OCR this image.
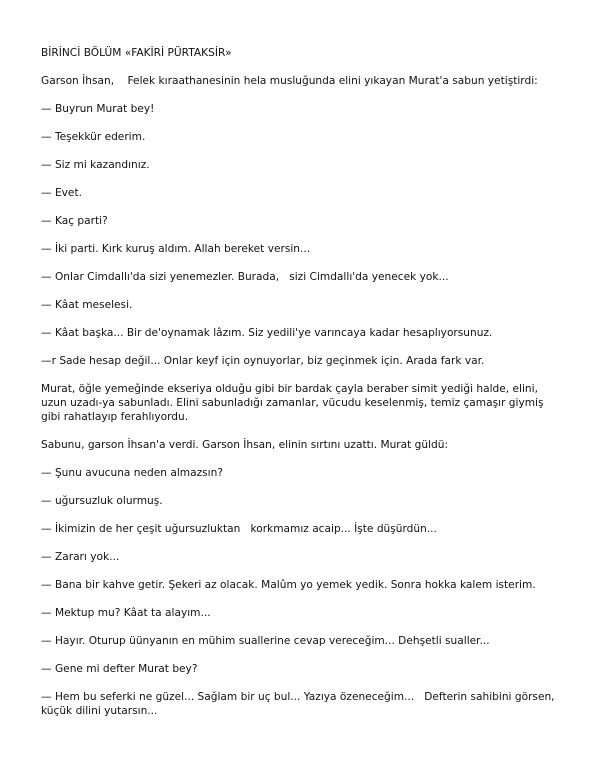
BİRİNCİ BÖLÜM «FAKİRİ PÜRTAKSİR»

Garson İhsan,    Felek kıraathanesinin hela musluğunda elini yıkayan Murat'a sabun yetiştirdi:

— Buyrun Murat bey!

— Teşekkür ederim.

— Siz mi kazandınız.

— Evet.

— Kaç parti?

— İki parti. Kırk kuruş aldım. Allah bereket versin...

— Onlar Cimdallı'da sizi yenemezler. Burada,   sizi Cimdallı'da yenecek yok...

— Kâat meselesi.

— Kâat başka... Bir de'oynamak lâzım. Siz yedili'ye varıncaya kadar hesaplıyorsunuz.

—r Sade hesap değil... Onlar keyf için oynuyorlar, biz geçinmek için. Arada fark var.

Murat, öğle yemeğinde ekseriya olduğu gibi bir bardak çayla beraber simit yediği halde, elini, uzun uzadı-ya sabunladı. Elini sabunladığı zamanlar, vücudu keselenmiş, temiz çamaşır giymiş gibi rahatlayıp ferahlıyordu.

Sabunu, garson İhsan'a verdi. Garson İhsan, elinin sırtını uzattı. Murat güldü:

— Şunu avucuna neden almazsın?

— uğursuzluk olurmuş.

— İkimizin de her çeşit uğursuzluktan   korkmamız acaip... İşte düşürdün...

— Zararı yok...

— Bana bir kahve getir. Şekeri az olacak. Malûm yo yemek yedik. Sonra hokka kalem isterim.

— Mektup mu? Kâat ta alayım...

— Hayır. Oturup üünyanın en mühim suallerine cevap vereceğim... Dehşetli sualler...

— Gene mi defter Murat bey?

— Hem bu seferki ne güzel... Sağlam bir uç bul... Yazıya özeneceğim...   Defterin sahibini görsen,   küçük dilini yutarsın...
